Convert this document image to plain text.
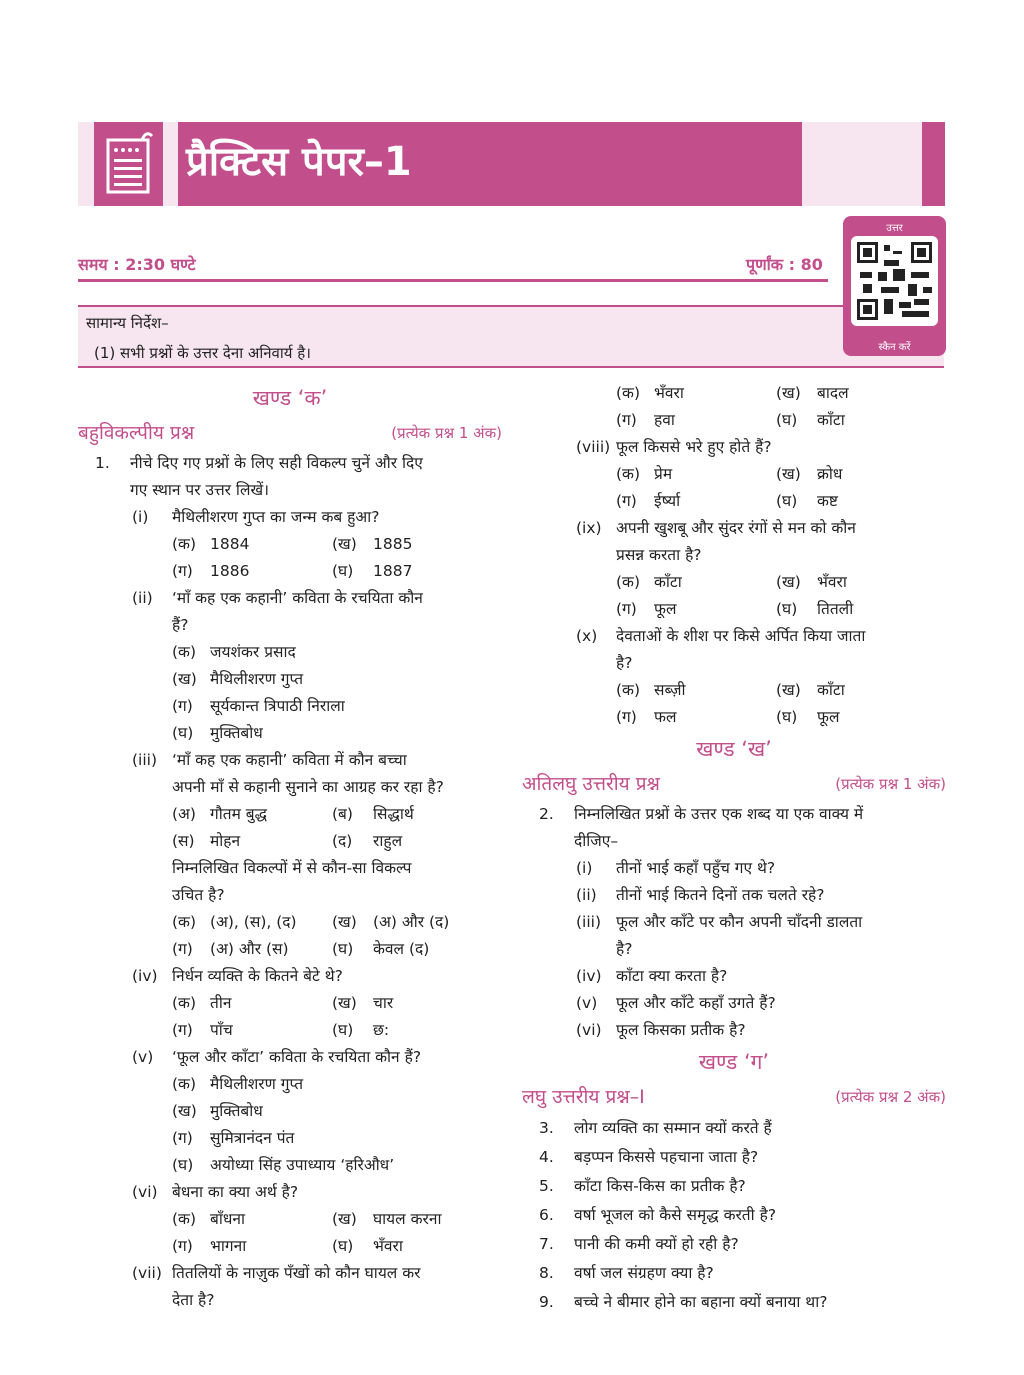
प्रैक्टिस पेपर–1
समय : 2:30 घण्टे	पूर्णांक : 80
सामान्य निर्देश–
(1) सभी प्रश्नों के उत्तर देना अनिवार्य है।
उत्तर
स्कैन करें
खण्ड ‘क’
बहुविकल्पीय प्रश्न	(प्रत्येक प्रश्न 1 अंक)
1. नीचे दिए गए प्रश्नों के लिए सही विकल्प चुनें और दिए
गए स्थान पर उत्तर लिखें।
(i) मैथिलीशरण गुप्त का जन्म कब हुआ?
(क) 1884	(ख) 1885
(ग) 1886	(घ) 1887
(ii) ‘माँ कह एक कहानी’ कविता के रचयिता कौन
हैं?
(क) जयशंकर प्रसाद
(ख) मैथिलीशरण गुप्त
(ग) सूर्यकान्त त्रिपाठी निराला
(घ) मुक्तिबोध
(iii) ‘माँ कह एक कहानी’ कविता में कौन बच्चा
अपनी माँ से कहानी सुनाने का आग्रह कर रहा है?
(अ) गौतम बुद्ध	(ब) सिद्धार्थ
(स) मोहन	(द) राहुल
निम्नलिखित विकल्पों में से कौन-सा विकल्प
उचित है?
(क) (अ), (स), (द) (ख) (अ) और (द)
(ग) (अ) और (स)	(घ) केवल (द)
(iv) निर्धन व्यक्ति के कितने बेटे थे?
(क) तीन	(ख) चार
(ग) पाँच	(घ) छ:
(v) ‘फूल और काँटा’ कविता के रचयिता कौन हैं?
(क) मैथिलीशरण गुप्त
(ख) मुक्तिबोध
(ग) सुमित्रानंदन पंत
(घ) अयोध्या सिंह उपाध्याय ‘हरिऔध’
(vi) बेधना का क्या अर्थ है?
(क) बाँधना	(ख) घायल करना
(ग) भागना	(घ) भँवरा
(vii) तितलियों के नाज़ुक पँखों को कौन घायल कर
देता है?
(क) भँवरा	(ख) बादल
(ग) हवा	(घ) काँटा
(viii) फूल किससे भरे हुए होते हैं?
(क) प्रेम	(ख) क्रोध
(ग) ईर्ष्या	(घ) कष्ट
(ix) अपनी खुशबू और सुंदर रंगों से मन को कौन
प्रसन्न करता है?
(क) काँटा	(ख) भँवरा
(ग) फूल	(घ) तितली
(x) देवताओं के शीश पर किसे अर्पित किया जाता
है?
(क) सब्ज़ी	(ख) काँटा
(ग) फल	(घ) फूल
खण्ड ‘ख’
अतिलघु उत्तरीय प्रश्न	(प्रत्येक प्रश्न 1 अंक)
2. निम्नलिखित प्रश्नों के उत्तर एक शब्द या एक वाक्य में
दीजिए–
(i) तीनों भाई कहाँ पहुँच गए थे?
(ii) तीनों भाई कितने दिनों तक चलते रहे?
(iii) फूल और काँटे पर कौन अपनी चाँदनी डालता
है?
(iv) काँटा क्या करता है?
(v) फूल और काँटे कहाँ उगते हैं?
(vi) फूल किसका प्रतीक है?
खण्ड ‘ग’
लघु उत्तरीय प्रश्न–I	(प्रत्येक प्रश्न 2 अंक)
3. लोग व्यक्ति का सम्मान क्यों करते हैं
4. बड़प्पन किससे पहचाना जाता है?
5. काँटा किस-किस का प्रतीक है?
6. वर्षा भूजल को कैसे समृद्ध करती है?
7. पानी की कमी क्यों हो रही है?
8. वर्षा जल संग्रहण क्या है?
9. बच्चे ने बीमार होने का बहाना क्यों बनाया था?
